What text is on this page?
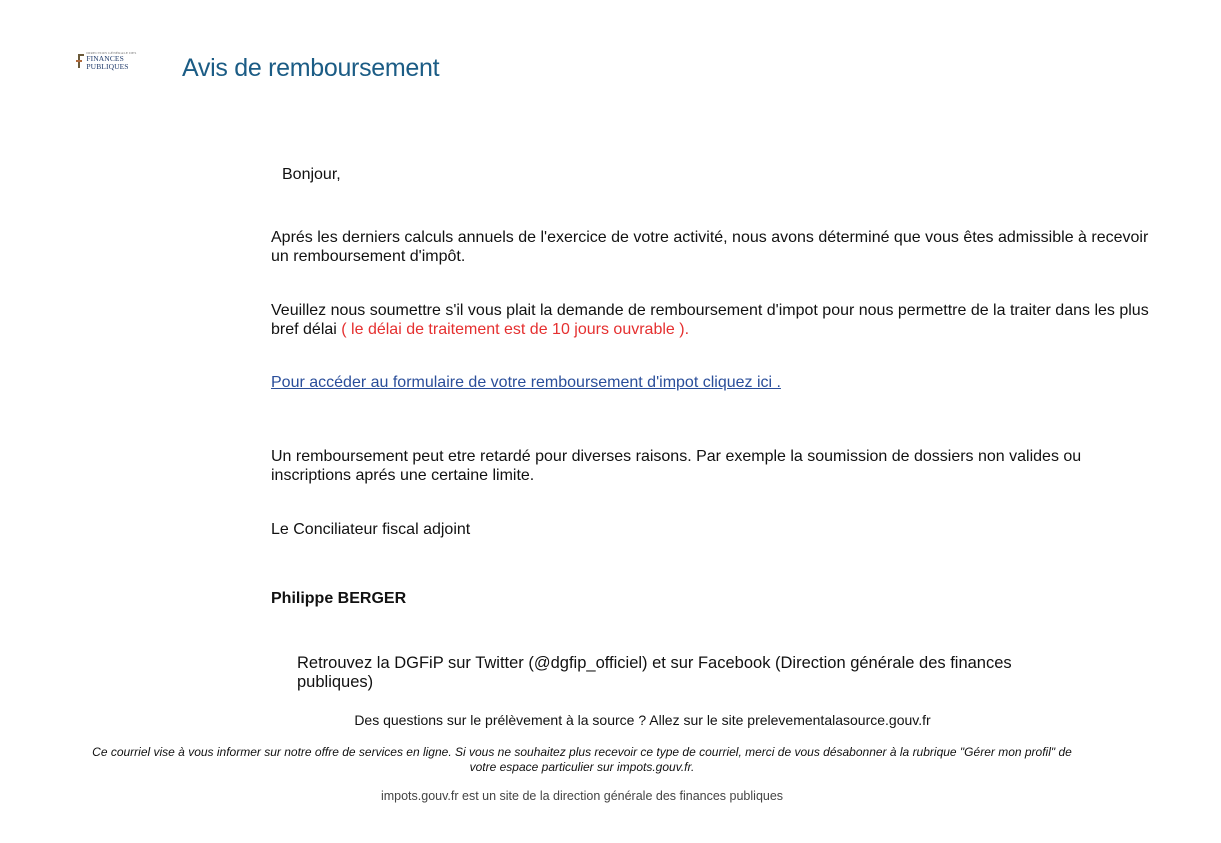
DIRECTION GÉNÉRALE DES
FINANCES PUBLIQUES	Avis de remboursement
Bonjour,

Aprés les derniers calculs annuels de l'exercice de votre activité, nous avons déterminé que vous êtes admissible à recevoir un remboursement d'impôt.

Veuillez nous soumettre s'il vous plait la demande de remboursement d'impot pour nous permettre de la traiter dans les plus bref délai ( le délai de traitement est de 10 jours ouvrable ).

Pour accéder au formulaire de votre remboursement d'impot cliquez ici .

Un remboursement peut etre retardé pour diverses raisons. Par exemple la soumission de dossiers non valides ou inscriptions aprés une certaine limite.

Le Conciliateur fiscal adjoint
Philippe BERGER

Retrouvez la DGFiP sur Twitter (@dgfip_officiel) et sur Facebook (Direction générale des finances publiques)

Des questions sur le prélèvement à la source ? Allez sur le site prelevementalasource.gouv.fr

Ce courriel vise à vous informer sur notre offre de services en ligne. Si vous ne souhaitez plus recevoir ce type de courriel, merci de vous désabonner à la rubrique "Gérer mon profil" de votre espace particulier sur impots.gouv.fr.

impots.gouv.fr est un site de la direction générale des finances publiques
